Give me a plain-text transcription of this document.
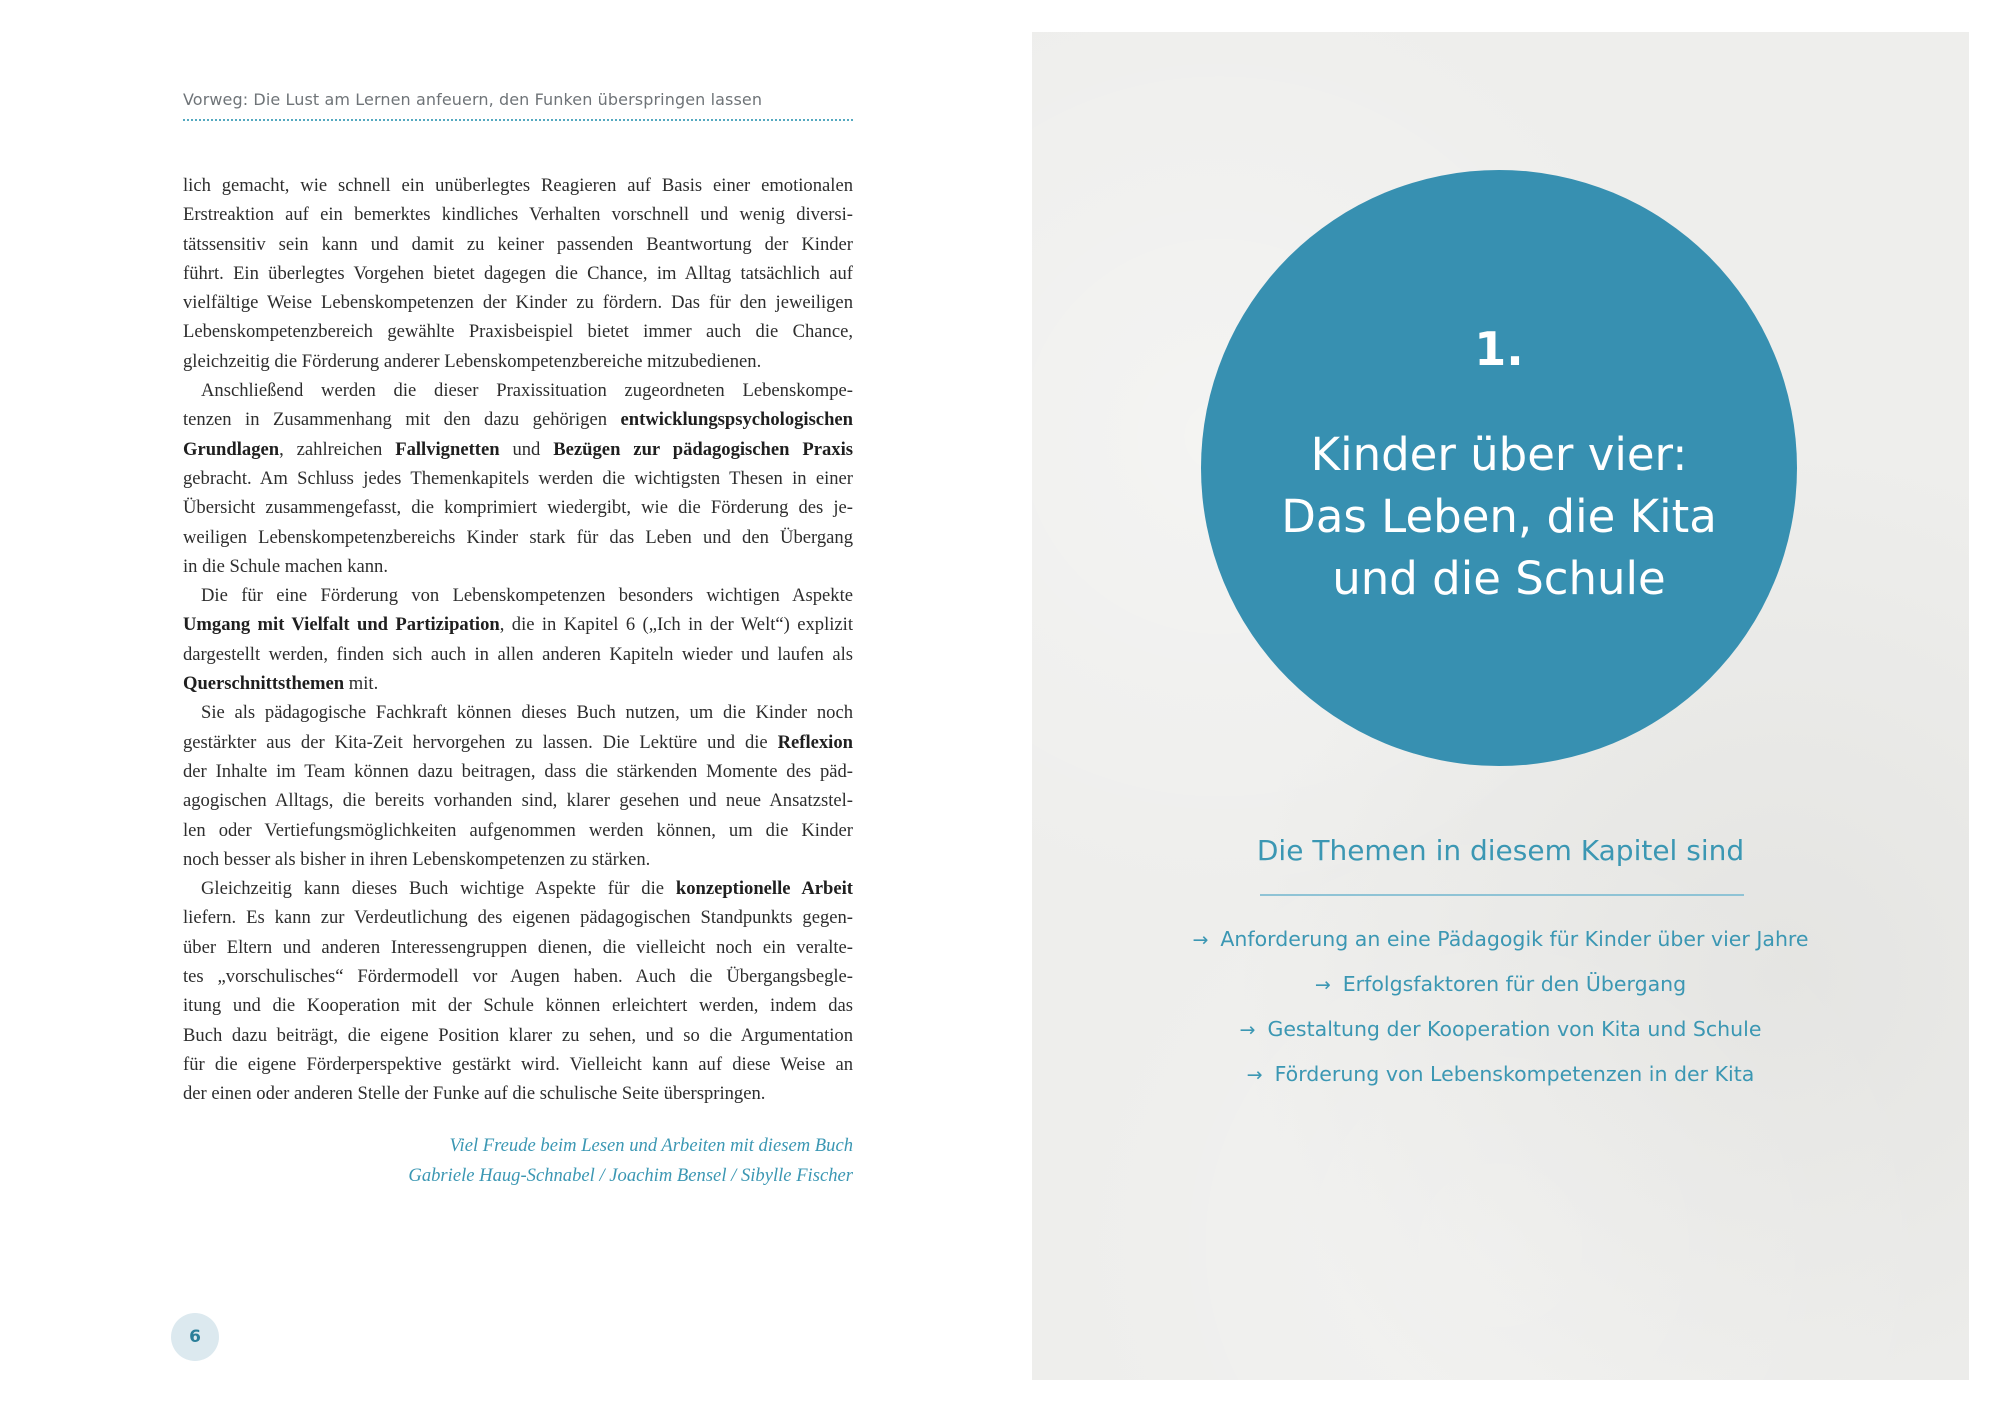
Vorweg: Die Lust am Lernen anfeuern, den Funken überspringen lassen
lich gemacht, wie schnell ein unüberlegtes Reagieren auf Basis einer emotionalen
Erstreaktion auf ein bemerktes kindliches Verhalten vorschnell und wenig diversi-
tätssensitiv sein kann und damit zu keiner passenden Beantwortung der Kinder
führt. Ein überlegtes Vorgehen bietet dagegen die Chance, im Alltag tatsächlich auf
vielfältige Weise Lebenskompetenzen der Kinder zu fördern. Das für den jeweiligen
Lebenskompetenzbereich gewählte Praxisbeispiel bietet immer auch die Chance,
gleichzeitig die Förderung anderer Lebenskompetenzbereiche mitzubedienen.
Anschließend werden die dieser Praxissituation zugeordneten Lebenskompe-
tenzen in Zusammenhang mit den dazu gehörigen entwicklungspsychologischen
Grundlagen, zahlreichen Fallvignetten und Bezügen zur pädagogischen Praxis
gebracht. Am Schluss jedes Themenkapitels werden die wichtigsten Thesen in einer
Übersicht zusammengefasst, die komprimiert wiedergibt, wie die Förderung des je-
weiligen Lebenskompetenzbereichs Kinder stark für das Leben und den Übergang
in die Schule machen kann.
Die für eine Förderung von Lebenskompetenzen besonders wichtigen Aspekte
Umgang mit Vielfalt und Partizipation, die in Kapitel 6 („Ich in der Welt“) explizit
dargestellt werden, finden sich auch in allen anderen Kapiteln wieder und laufen als
Querschnittsthemen mit.
Sie als pädagogische Fachkraft können dieses Buch nutzen, um die Kinder noch
gestärkter aus der Kita-Zeit hervorgehen zu lassen. Die Lektüre und die Reflexion
der Inhalte im Team können dazu beitragen, dass die stärkenden Momente des päd-
agogischen Alltags, die bereits vorhanden sind, klarer gesehen und neue Ansatzstel-
len oder Vertiefungsmöglichkeiten aufgenommen werden können, um die Kinder
noch besser als bisher in ihren Lebenskompetenzen zu stärken.
Gleichzeitig kann dieses Buch wichtige Aspekte für die konzeptionelle Arbeit
liefern. Es kann zur Verdeutlichung des eigenen pädagogischen Standpunkts gegen-
über Eltern und anderen Interessengruppen dienen, die vielleicht noch ein veralte-
tes „vorschulisches“ Fördermodell vor Augen haben. Auch die Übergangsbegle-
itung und die Kooperation mit der Schule können erleichtert werden, indem das
Buch dazu beiträgt, die eigene Position klarer zu sehen, und so die Argumentation
für die eigene Förderperspektive gestärkt wird. Vielleicht kann auf diese Weise an
der einen oder anderen Stelle der Funke auf die schulische Seite überspringen.
Viel Freude beim Lesen und Arbeiten mit diesem Buch
Gabriele Haug-Schnabel / Joachim Bensel / Sibylle Fischer
6
1.
Kinder über vier:
Das Leben, die Kita
und die Schule
Die Themen in diesem Kapitel sind
→ Anforderung an eine Pädagogik für Kinder über vier Jahre
→ Erfolgsfaktoren für den Übergang
→ Gestaltung der Kooperation von Kita und Schule
→ Förderung von Lebenskompetenzen in der Kita
